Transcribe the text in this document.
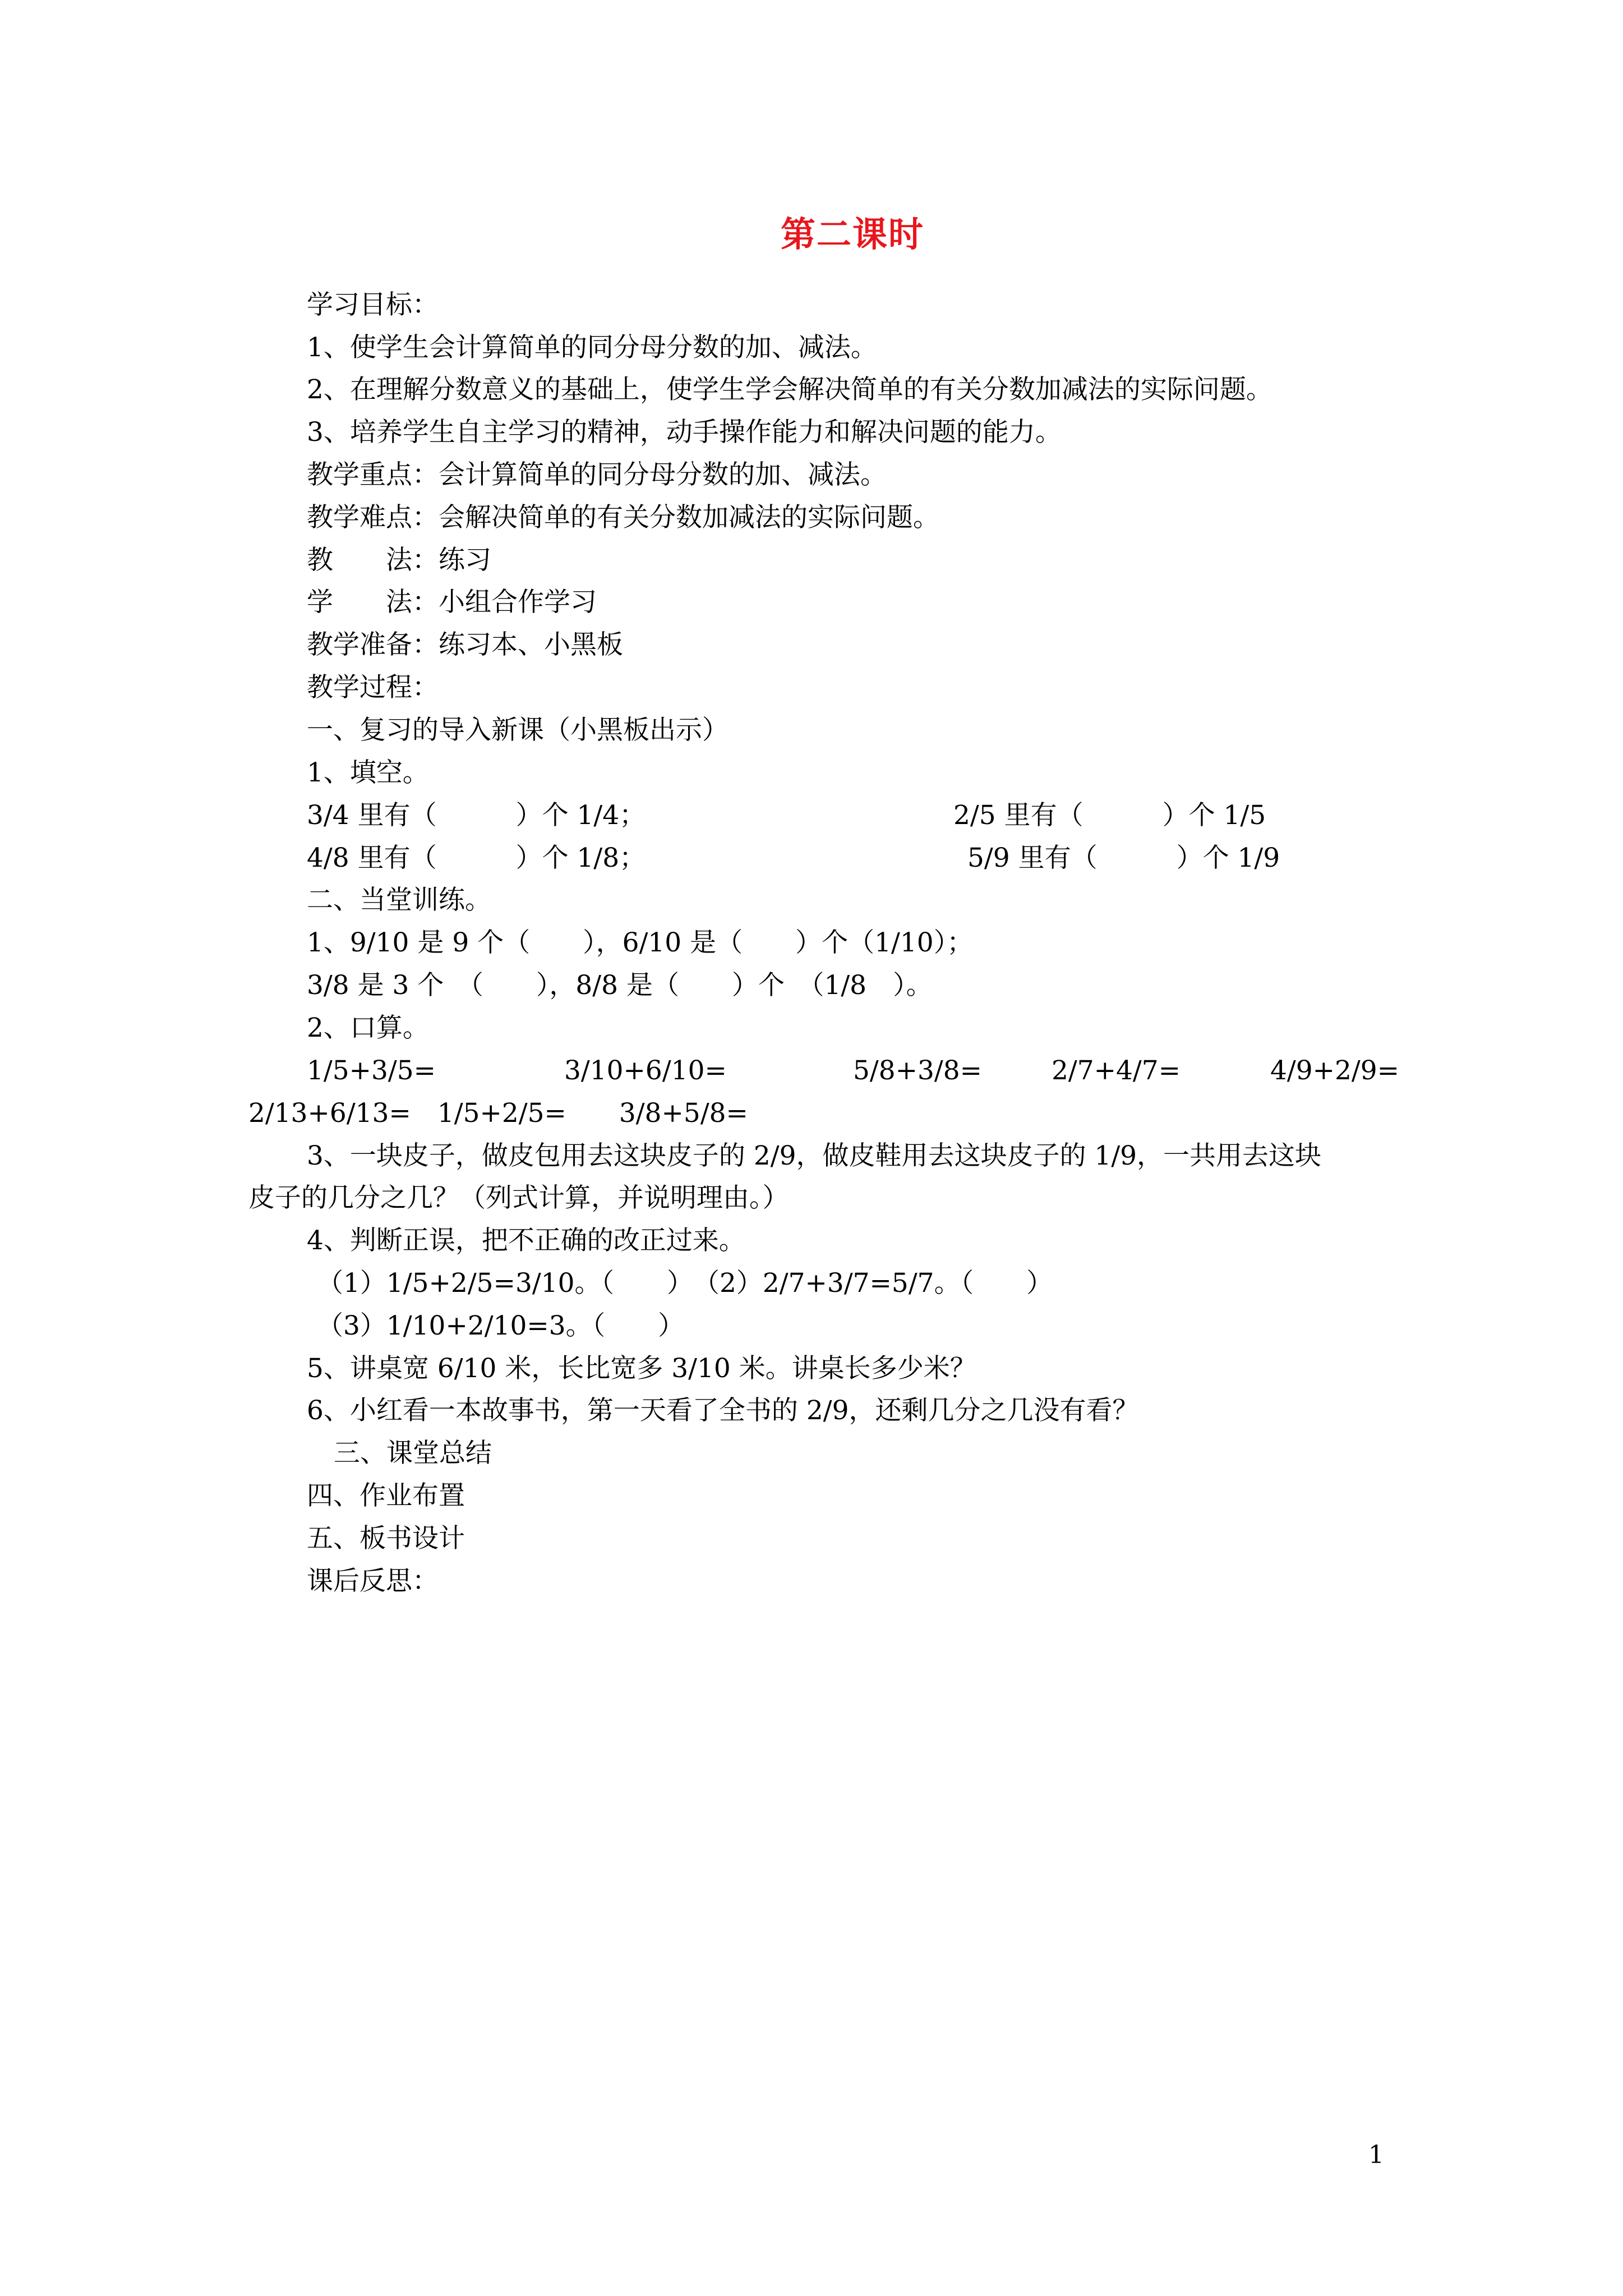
第二课时
学习目标：
1、使学生会计算简单的同分母分数的加、减法。
2、在理解分数意义的基础上，使学生学会解决简单的有关分数加减法的实际问题。
3、培养学生自主学习的精神，动手操作能力和解决问题的能力。
教学重点：会计算简单的同分母分数的加、减法。
教学难点：会解决简单的有关分数加减法的实际问题。
教　　法：练习
学　　法：小组合作学习
教学准备：练习本、小黑板
教学过程：
一、复习的导入新课（小黑板出示）
1、填空。
3/4 里有（　　　）个 1/4；	2/5 里有（　　　）个 1/5
4/8 里有（　　　）个 1/8；	5/9 里有（　　　）个 1/9
二、当堂训练。
1、9/10 是 9 个（　　），6/10 是（　　）个（1/10）；
3/8 是 3 个　（　　），8/8 是（　　）个　（1/8　）。
2、口算。
1/5+3/5=	3/10+6/10=	5/8+3/8=	2/7+4/7=	4/9+2/9=
2/13+6/13=　1/5+2/5=　　3/8+5/8=
3、一块皮子，做皮包用去这块皮子的 2/9，做皮鞋用去这块皮子的 1/9，一共用去这块
皮子的几分之几？（列式计算，并说明理由。）
4、判断正误，把不正确的改正过来。
（1）1/5+2/5=3/10。（　　）　（2）2/7+3/7=5/7。（　　）
（3）1/10+2/10=3。（　　）
5、讲桌宽 6/10 米，长比宽多 3/10 米。讲桌长多少米？
6、小红看一本故事书，第一天看了全书的 2/9，还剩几分之几没有看？
三、课堂总结
四、作业布置
五、板书设计
课后反思：
1
